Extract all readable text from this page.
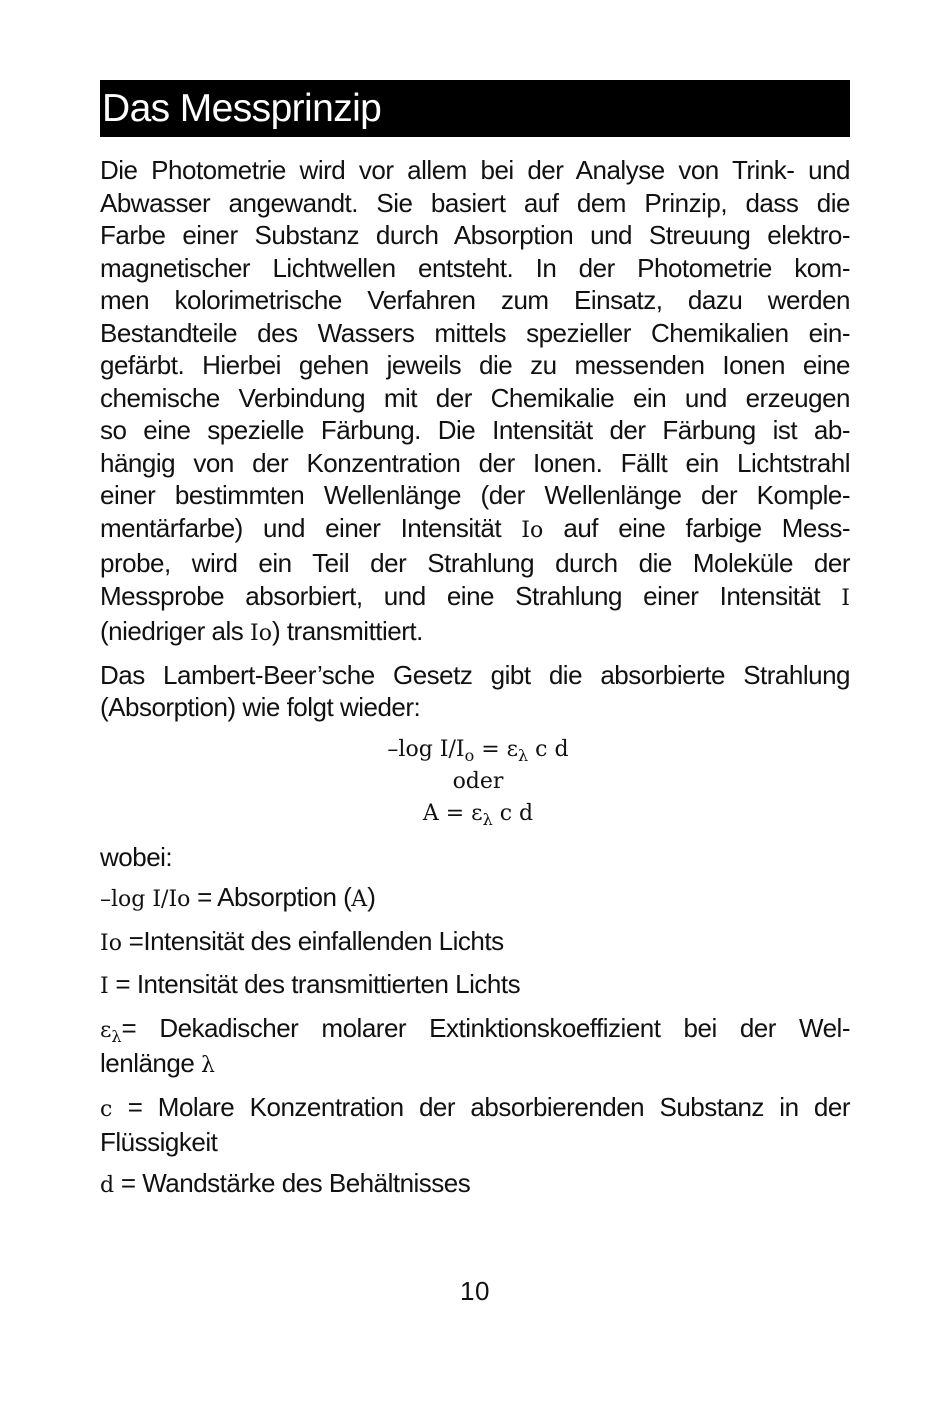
Das Messprinzip
Die Photometrie wird vor allem bei der Analyse von Trink- und
Abwasser angewandt. Sie basiert auf dem Prinzip, dass die
Farbe einer Substanz durch Absorption und Streuung elektro-
magnetischer Lichtwellen entsteht. In der Photometrie kom-
men kolorimetrische Verfahren zum Einsatz, dazu werden
Bestandteile des Wassers mittels spezieller Chemikalien ein-
gefärbt. Hierbei gehen jeweils die zu messenden Ionen eine
chemische Verbindung mit der Chemikalie ein und erzeugen
so eine spezielle Färbung. Die Intensität der Färbung ist ab-
hängig von der Konzentration der Ionen. Fällt ein Lichtstrahl
einer bestimmten Wellenlänge (der Wellenlänge der Komple-
mentärfarbe) und einer Intensität Io auf eine farbige Mess-
probe, wird ein Teil der Strahlung durch die Moleküle der
Messprobe absorbiert, und eine Strahlung einer Intensität I
(niedriger als Io) transmittiert.
Das Lambert-Beer’sche Gesetz gibt die absorbierte Strahlung
(Absorption) wie folgt wieder:
–log $I/I_o = \varepsilon_\lambda$ c d
oder
$A = \varepsilon_\lambda$ c d
wobei:
–log I/Io = Absorption (A)
Io =Intensität des einfallenden Lichts
I = Intensität des transmittierten Lichts
$\varepsilon_\lambda=$ Dekadischer molarer Extinktionskoeffizient bei der Wel-
lenlänge λ
c = Molare Konzentration der absorbierenden Substanz in der
Flüssigkeit
d = Wandstärke des Behältnisses
10
